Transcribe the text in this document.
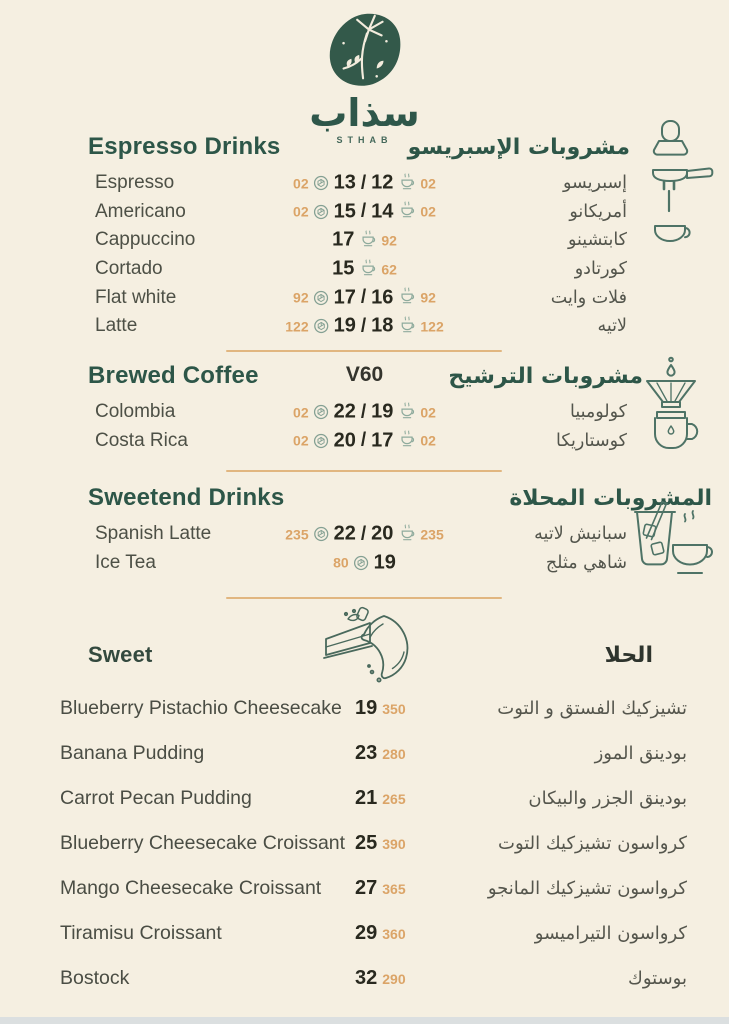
سذاب
STHAB
Espresso Drinks	مشروبات الإسبريسو
Espresso	02 13 / 12 02	إسبريسو
Americano	02 15 / 14 02	أمريكانو
Cappuccino	17 92	كابتشينو
Cortado	15 62	كورتادو
Flat white	92 17 / 16 92	فلات وايت
Latte	122 19 / 18 122	لاتيه
Brewed Coffee	V60	مشروبات الترشيح
Colombia	02 22 / 19 02	كولومبيا
Costa Rica	02 20 / 17 02	كوستاريكا
Sweetend Drinks	المشروبات المحلاة
Spanish Latte	235 22 / 20 235	سبانيش لاتيه
Ice Tea	80 19	شاهي مثلج
Sweet	الحلا
Blueberry Pistachio Cheesecake 19 350	تشيزكيك الفستق و التوت
Banana Pudding	23 280	بودينق الموز
Carrot Pecan Pudding	21 265	بودينق الجزر والبيكان
Blueberry Cheesecake Croissant 25 390	كرواسون تشيزكيك التوت
Mango Cheesecake Croissant 27 365	كرواسون تشيزكيك المانجو
Tiramisu Croissant	29 360	كرواسون التيراميسو
Bostock	32 290	بوستوك
